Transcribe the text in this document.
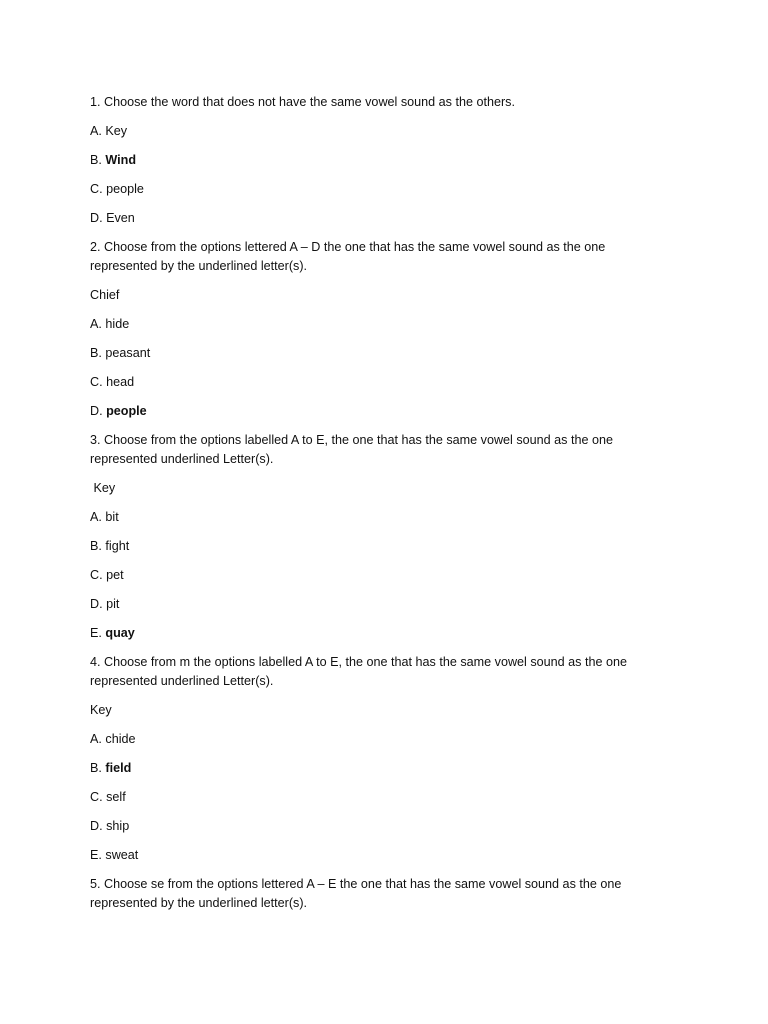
1. Choose the word that does not have the same vowel sound as the others.
A. Key
B. Wind
C. people
D. Even
2. Choose from the options lettered A – D the one that has the same vowel sound as the one represented by the underlined letter(s).
Chief
A. hide
B. peasant
C. head
D. people
3. Choose from the options labelled A to E, the one that has the same vowel sound as the one represented underlined Letter(s).
Key
A. bit
B. fight
C. pet
D. pit
E. quay
4. Choose from m the options labelled A to E, the one that has the same vowel sound as the one represented underlined Letter(s).
Key
A. chide
B. field
C. self
D. ship
E. sweat
5. Choose se from the options lettered A – E the one that has the same vowel sound as the one represented by the underlined letter(s).
